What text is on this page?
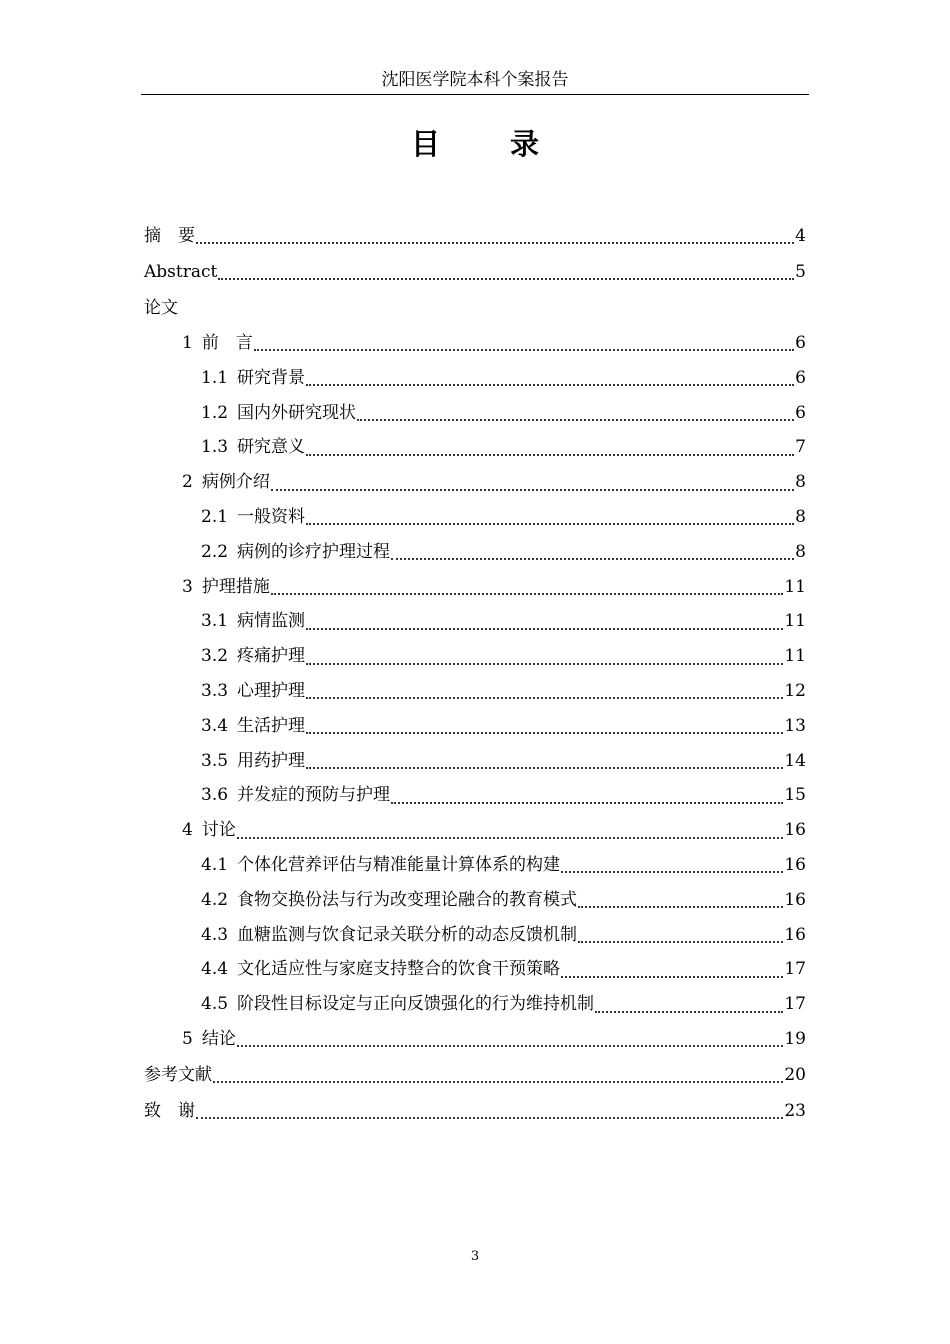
沈阳医学院本科个案报告
目 录
摘　要	4
Abstract	5
论文
1 前　言	6
1.1 研究背景	6
1.2 国内外研究现状	6
1.3 研究意义	7
2 病例介绍	8
2.1 一般资料	8
2.2 病例的诊疗护理过程	8
3 护理措施	11
3.1 病情监测	11
3.2 疼痛护理	11
3.3 心理护理	12
3.4 生活护理	13
3.5 用药护理	14
3.6 并发症的预防与护理	15
4 讨论	16
4.1 个体化营养评估与精准能量计算体系的构建	16
4.2 食物交换份法与行为改变理论融合的教育模式	16
4.3 血糖监测与饮食记录关联分析的动态反馈机制	16
4.4 文化适应性与家庭支持整合的饮食干预策略	17
4.5 阶段性目标设定与正向反馈强化的行为维持机制	17
5 结论	19
参考文献	20
致　谢	23
3
